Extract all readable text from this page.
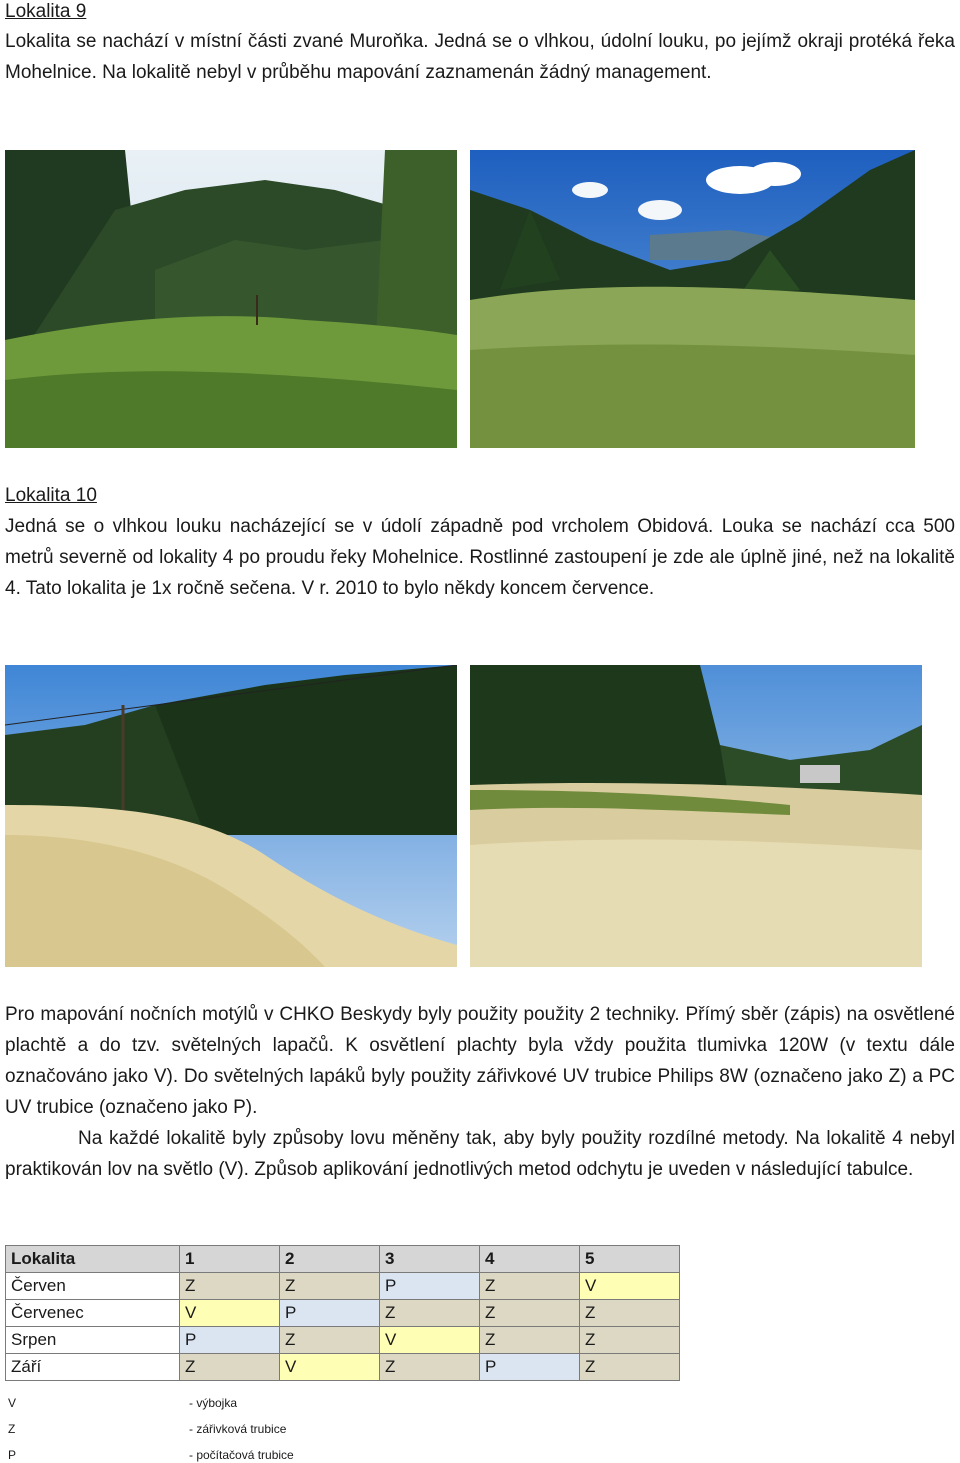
Lokalita 9

Lokalita se nachází v místní části zvané Muroňka. Jedná se o vlhkou, údolní louku, po jejímž okraji protéká řeka Mohelnice. Na lokalitě nebyl v průběhu mapování zaznamenán žádný management.

Lokalita 10

Jedná se o vlhkou louku nacházející se v údolí západně pod vrcholem Obidová. Louka se nachází cca 500 metrů severně od lokality 4 po proudu řeky Mohelnice. Rostlinné zastoupení je zde ale úplně jiné, než na lokalitě 4. Tato lokalita je 1x ročně sečena. V r. 2010 to bylo někdy koncem července.

Pro mapování nočních motýlů v CHKO Beskydy byly použity použity 2 techniky. Přímý sběr (zápis) na osvětlené plachtě a do tzv. světelných lapačů. K osvětlení plachty byla vždy použita tlumivka 120W (v textu dále označováno jako V). Do světelných lapáků byly použity zářivkové UV trubice Philips 8W (označeno jako Z) a PC UV trubice (označeno jako P).

Na každé lokalitě byly způsoby lovu měněny tak, aby byly použity rozdílné metody. Na lokalitě 4 nebyl praktikován lov na světlo (V). Způsob aplikování jednotlivých metod odchytu je uveden v následující tabulce.

Lokalita	1	2	3	4	5
Červen	Z	Z	P	Z	V
Červenec	V	P	Z	Z	Z
Srpen	P	Z	V	Z	Z
Září	Z	V	Z	P	Z
V	- výbojka
Z	- zářivková trubice
P	- počítačová trubice
